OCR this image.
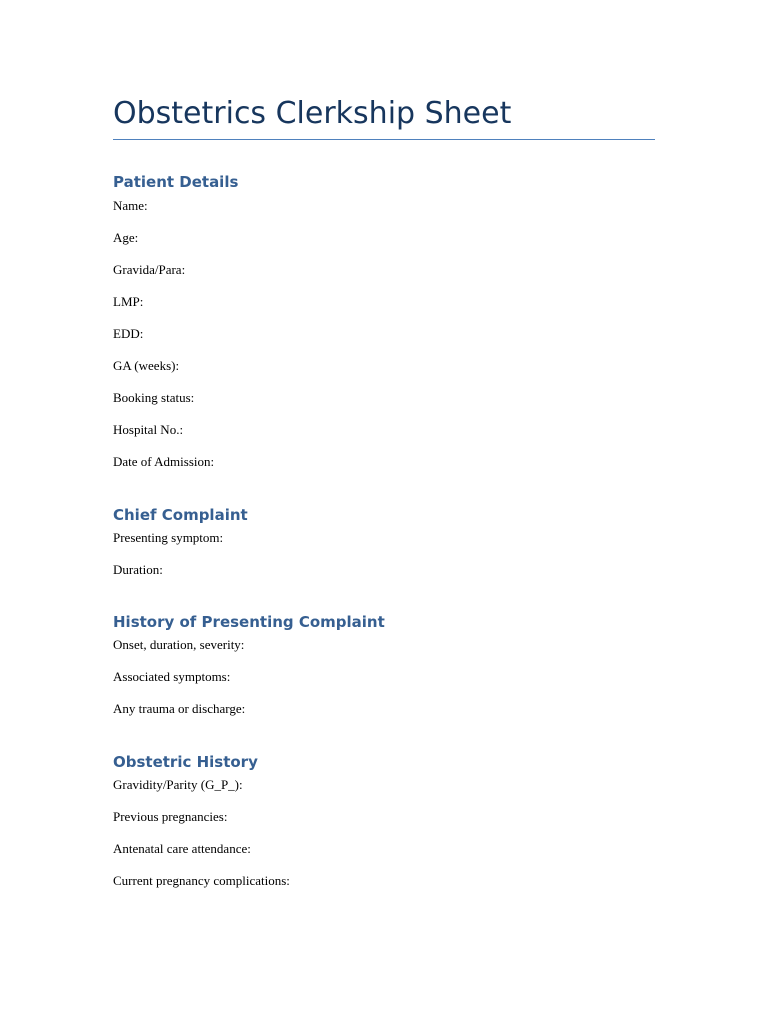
Obstetrics Clerkship Sheet
Patient Details

Name:

Age:

Gravida/Para:

LMP:

EDD:

GA (weeks):

Booking status:

Hospital No.:

Date of Admission:

Chief Complaint

Presenting symptom:

Duration:

History of Presenting Complaint

Onset, duration, severity:

Associated symptoms:

Any trauma or discharge:

Obstetric History

Gravidity/Parity (G_P_):

Previous pregnancies:

Antenatal care attendance:

Current pregnancy complications:
